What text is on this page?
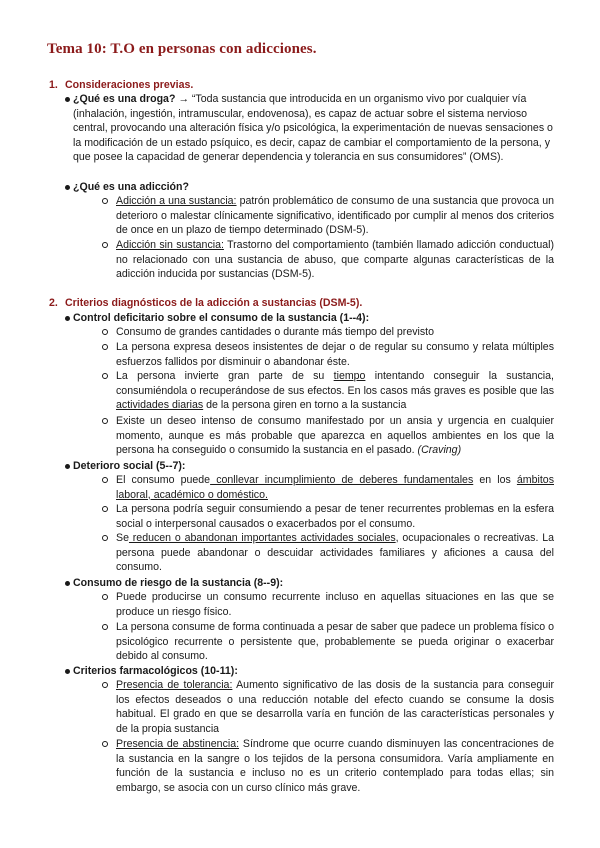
Tema 10: T.O en personas con adicciones.
1. Consideraciones previas.
¿Qué es una droga? → “Toda sustancia que introducida en un organismo vivo por cualquier vía (inhalación, ingestión, intramuscular, endovenosa), es capaz de actuar sobre el sistema nervioso central, provocando una alteración física y/o psicológica, la experimentación de nuevas sensaciones o la modificación de un estado psíquico, es decir, capaz de cambiar el comportamiento de la persona, y que posee la capacidad de generar dependencia y tolerancia en sus consumidores” (OMS).
¿Qué es una adicción?
Adicción a una sustancia: patrón problemático de consumo de una sustancia que provoca un deterioro o malestar clínicamente significativo, identificado por cumplir al menos dos criterios de once en un plazo de tiempo determinado (DSM-5).
Adicción sin sustancia: Trastorno del comportamiento (también llamado adicción conductual) no relacionado con una sustancia de abuso, que comparte algunas características de la adicción inducida por sustancias (DSM-5).
2. Criterios diagnósticos de la adicción a sustancias (DSM-5).
Control deficitario sobre el consumo de la sustancia (1--4):
Consumo de grandes cantidades o durante más tiempo del previsto
La persona expresa deseos insistentes de dejar o de regular su consumo y relata múltiples esfuerzos fallidos por disminuir o abandonar éste.
La persona invierte gran parte de su tiempo intentando conseguir la sustancia, consumiéndola o recuperándose de sus efectos. En los casos más graves es posible que las actividades diarias de la persona giren en torno a la sustancia
Existe un deseo intenso de consumo manifestado por un ansia y urgencia en cualquier momento, aunque es más probable que aparezca en aquellos ambientes en los que la persona ha conseguido o consumido la sustancia en el pasado. (Craving)
Deterioro social (5--7):
El consumo puede conllevar incumplimiento de deberes fundamentales en los ámbitos laboral, académico o doméstico.
La persona podría seguir consumiendo a pesar de tener recurrentes problemas en la esfera social o interpersonal causados o exacerbados por el consumo.
Se reducen o abandonan importantes actividades sociales, ocupacionales o recreativas. La persona puede abandonar o descuidar actividades familiares y aficiones a causa del consumo.
Consumo de riesgo de la sustancia (8--9):
Puede producirse un consumo recurrente incluso en aquellas situaciones en las que se produce un riesgo físico.
La persona consume de forma continuada a pesar de saber que padece un problema físico o psicológico recurrente o persistente que, probablemente se pueda originar o exacerbar debido al consumo.
Criterios farmacológicos (10-11):
Presencia de tolerancia: Aumento significativo de las dosis de la sustancia para conseguir los efectos deseados o una reducción notable del efecto cuando se consume la dosis habitual. El grado en que se desarrolla varía en función de las características personales y de la propia sustancia
Presencia de abstinencia: Síndrome que ocurre cuando disminuyen las concentraciones de la sustancia en la sangre o los tejidos de la persona consumidora. Varía ampliamente en función de la sustancia e incluso no es un criterio contemplado para todas ellas; sin embargo, se asocia con un curso clínico más grave.
